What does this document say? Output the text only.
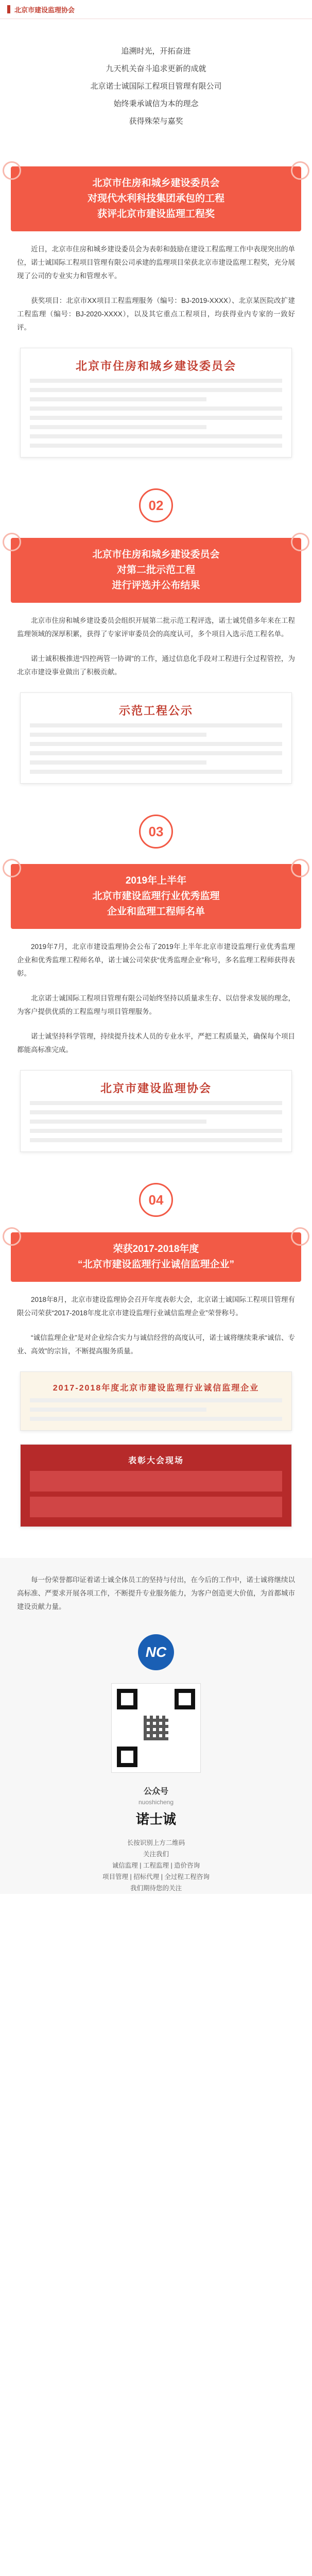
北京市建设监理协会
追溯时光，开拓奋进
九天机关奋斗追求更新的成就
北京诺士诚国际工程项目管理有限公司
始终秉承诚信为本的理念
获得殊荣与嘉奖
北京市住房和城乡建设委员会
对现代水利科技集团承包的工程
获评北京市建设监理工程奖
近日，北京市住房和城乡建设委员会为表彰和鼓励在建设工程监理工作中表现突出的单位，诺士诚国际工程项目管理有限公司承建的监理项目荣获北京市建设监理工程奖，充分展现了公司的专业实力和管理水平。
获奖项目：北京市XX项目工程监理服务（编号：BJ-2019-XXXX）、北京某医院改扩建工程监理（编号：BJ-2020-XXXX），以及其它重点工程项目，均获得业内专家的一致好评。
北京市住房和城乡建设委员会
02
北京市住房和城乡建设委员会
对第二批示范工程
进行评选并公布结果
北京市住房和城乡建设委员会组织开展第二批示范工程评选，诺士诚凭借多年来在工程监理领域的深厚积累，获得了专家评审委员会的高度认可，多个项目入选示范工程名单。
诺士诚积极推进“四控两管一协调”的工作，通过信息化手段对工程进行全过程管控，为北京市建设事业做出了积极贡献。
示范工程公示
03
2019年上半年
北京市建设监理行业优秀监理
企业和监理工程师名单
2019年7月，北京市建设监理协会公布了2019年上半年北京市建设监理行业优秀监理企业和优秀监理工程师名单，诺士诚公司荣获“优秀监理企业”称号，多名监理工程师获得表彰。
北京诺士诚国际工程项目管理有限公司始终坚持以质量求生存、以信誉求发展的理念，为客户提供优质的工程监理与项目管理服务。
诺士诚坚持科学管理，持续提升技术人员的专业水平，严把工程质量关，确保每个项目都能高标准完成。
北京市建设监理协会
04
荣获2017-2018年度
“北京市建设监理行业诚信监理企业”
2018年8月，北京市建设监理协会召开年度表彰大会，北京诺士诚国际工程项目管理有限公司荣获“2017-2018年度北京市建设监理行业诚信监理企业”荣誉称号。
“诚信监理企业”是对企业综合实力与诚信经营的高度认可，诺士诚将继续秉承“诚信、专业、高效”的宗旨，不断提高服务质量。
2017-2018年度北京市建设监理行业诚信监理企业
表彰大会现场
每一份荣誉都印证着诺士诚全体员工的坚持与付出，在今后的工作中，诺士诚将继续以高标准、严要求开展各项工作，不断提升专业服务能力，为客户创造更大价值，为首都城市建设贡献力量。
NC
公众号
nuoshicheng
诺士诚
长按识别上方二维码
关注我们
诚信监理 | 工程监理 | 造价咨询
项目管理 | 招标代理 | 全过程工程咨询
我们期待您的关注
